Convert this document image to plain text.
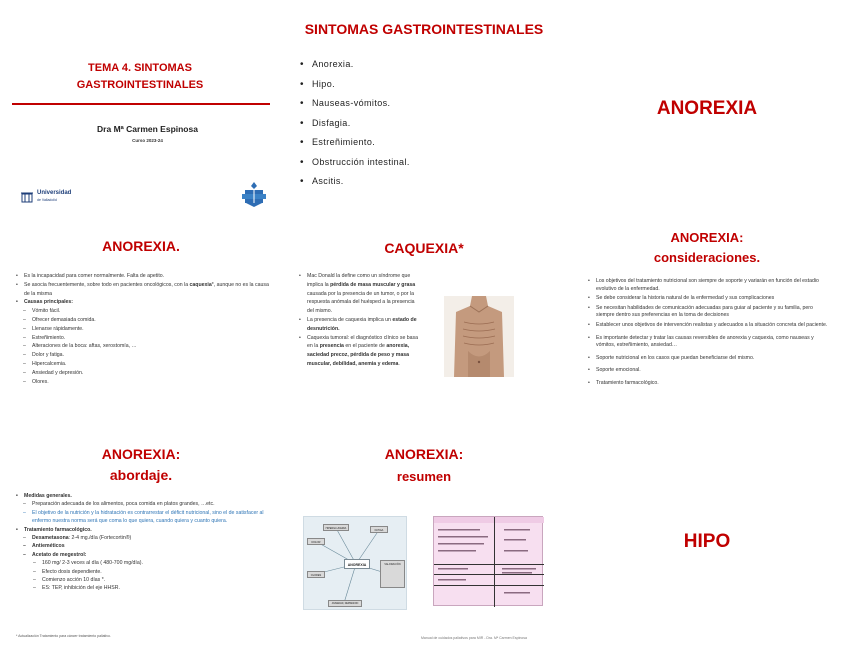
SINTOMAS GASTROINTESTINALES
TEMA 4. SINTOMAS GASTROINTESTINALES
Dra Mª Carmen Espinosa
Curso 2023-24
Universidad
de Valladolid
• Anorexia.
• Hipo.
• Nauseas-vómitos.
• Disfagia.
• Estreñimiento.
• Obstrucción intestinal.
• Ascitis.
ANOREXIA
ANOREXIA.
• Es la incapacidad para comer normalmente. Falta de apetito.
• Se asocia frecuentemente, sobre todo en pacientes oncológicos, con la caquexia*, aunque no es la causa de la misma
• Causas principales:
– Vómito fácil.
– Ofrecer demasiada comida.
– Llenarse rápidamente.
– Estreñimiento.
– Alteraciones de la boca: aftas, xerostomía, …
– Dolor y fatiga.
– Hipercalcemia.
– Ansiedad y depresión.
– Olores.
CAQUEXIA*
• Mac Donald la define como un síndrome que implica la pérdida de masa muscular y grasa causada por la presencia de un tumor, o por la respuesta anómala del huésped a la presencia del mismo.
• La presencia de caquexia implica un estado de desnutrición.
• Caquexia tumoral: el diagnóstico clínico se basa en la presencia en el paciente de anorexia, saciedad precoz, pérdida de peso y masa muscular, debilidad, anemia y edema.
ANOREXIA:
consideraciones.
• Los objetivos del tratamiento nutricional son siempre de soporte y variarán en función del estadio evolutivo de la enfermedad.
• Se debe considerar la historia natural de la enfermedad y sus complicaciones
• Se necesitan habilidades de comunicación adecuadas para guiar al paciente y su familia, pero siempre dentro sus preferencias en la toma de decisiones
• Establecer unos objetivos de intervención realistas y adecuados a la situación concreta del paciente.
• Es importante detectar y tratar las causas reversibles de anorexia y caquexia, como nauseas y vómitos, estreñimiento, ansiedad…
• Soporte nutricional en los casos que puedan beneficiarse del mismo.
• Soporte emocional.
• Tratamiento farmacológico.
ANOREXIA:
abordaje.
• Medidas generales.
– Preparación adecuada de los alimentos, poca comida en platos grandes, …etc.
– El objetivo de la nutrición y la hidratación es contrarrestar el déficit nutricional, sino el de satisfacer al enfermo nuestra norma será que coma lo que quiera, cuando quiera y cuanto quiera.
• Tratamiento farmacológico.
– Dexametasona: 2-4 mg./día (Fortecortin®)
– Antieméticos
– Acetato de megestrol:
– 160 mg/ 2-3 veces al día ( 480-700 mg/día).
– Efecto dosis dependiente.
– Comienzo acción 10 días *.
– ES: TEP, inhibición del eje HHSR.
ANOREXIA:
resumen
ANOREXIA
HIPERGLUCEMIA
FATIGA
DOLOR
OLORES
ANSIEDAD, DEPRESION
VALORACIÓN
HIPO
* Actualización Tratamiento para cáncer tratamiento paliativo.	Manual de cuidados paliativos para MIR - Dra. Mª Carmen Espinosa
